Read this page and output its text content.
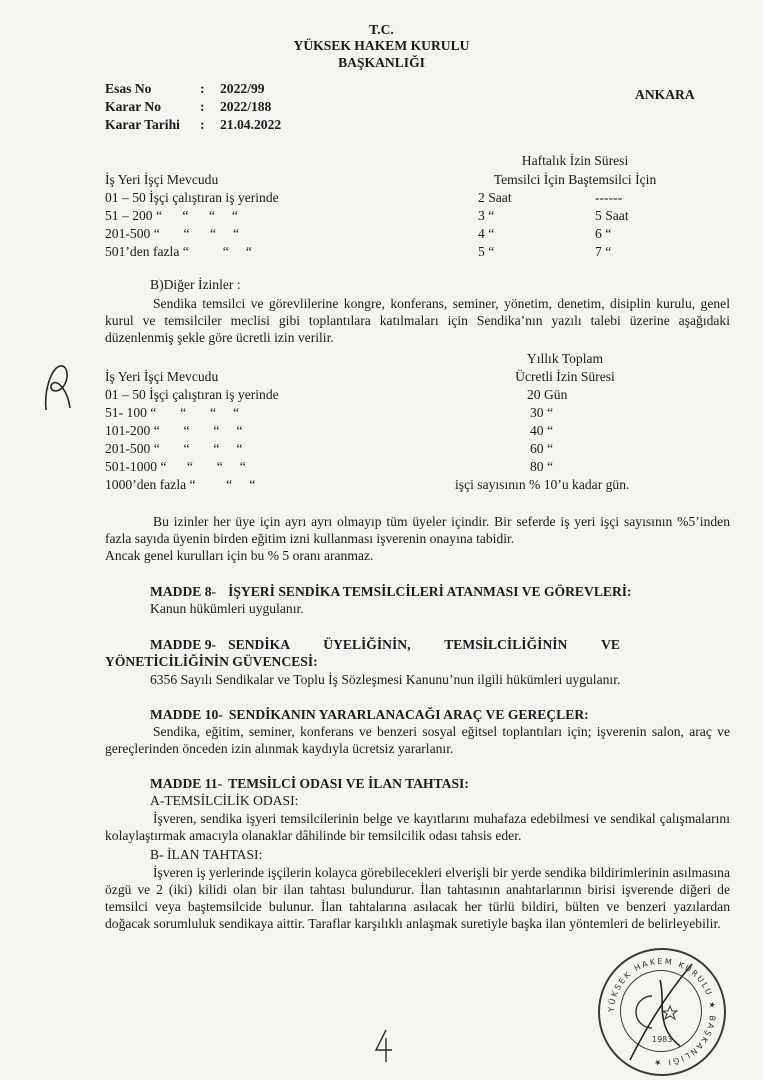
T.C.
YÜKSEK HAKEM KURULU
BAŞKANLIĞI
Esas No	: 2022/99
Karar No	: 2022/188
Karar Tarihi : 21.04.2022
ANKARA
Haftalık İzin Süresi
Temsilci İçin Baştemsilci İçin
İş Yeri İşçi Mevcudu
01 – 50 İşçi çalıştıran iş yerinde	2 Saat	------
51 – 200 “      “      “     “	3 “	5 Saat
201-500 “       “      “     “	4 “	6 “
501’den fazla “          “     “	5 “	7 “
B)Diğer İzinler :
Sendika temsilci ve görevlilerine kongre, konferans, seminer, yönetim, denetim, disiplin kurulu, genel kurul ve temsilciler meclisi gibi toplantılara katılmaları için Sendika’nın yazılı talebi üzerine aşağıdaki düzenlenmiş şekle göre ücretli izin verilir.
Yıllık Toplam
Ücretli İzin Süresi
İş Yeri İşçi Mevcudu
01 – 50 İşçi çalıştıran iş yerinde	20 Gün
51- 100 “       “       “     “	30 “
101-200 “       “       “     “	40 “
201-500 “       “       “     “	60 “
501-1000 “      “       “     “	80 “
1000’den fazla “         “     “	işçi sayısının % 10’u kadar gün.
Bu izinler her üye için ayrı ayrı olmayıp tüm üyeler içindir. Bir seferde iş yeri işçi sayısının %5’inden fazla sayıda üyenin birden eğitim izni kullanması işverenin onayına tabidir.
Ancak genel kurulları için bu % 5 oranı aranmaz.
MADDE 8- İŞYERİ SENDİKA TEMSİLCİLERİ ATANMASI VE GÖREVLERİ:
Kanun hükümleri uygulanır.
MADDE 9- SENDİKA          ÜYELİĞİNİN,          TEMSİLCİLİĞİNİN          VE
YÖNETİCİLİĞİNİN GÜVENCESİ:
6356 Sayılı Sendikalar ve Toplu İş Sözleşmesi Kanunu’nun ilgili hükümleri uygulanır.
MADDE 10- SENDİKANIN YARARLANACAĞI ARAÇ VE GEREÇLER:
Sendika, eğitim, seminer, konferans ve benzeri sosyal eğitsel toplantıları için; işverenin salon, araç ve gereçlerinden önceden izin alınmak kaydıyla ücretsiz yararlanır.
MADDE 11- TEMSİLCİ ODASI VE İLAN TAHTASI:
A-TEMSİLCİLİK ODASI:
İşveren, sendika işyeri temsilcilerinin belge ve kayıtlarını muhafaza edebilmesi ve sendikal çalışmalarını kolaylaştırmak amacıyla olanaklar dâhilinde bir temsilcilik odası tahsis eder.
B- İLAN TAHTASI:
İşveren iş yerlerinde işçilerin kolayca görebilecekleri elverişli bir yerde sendika bildirimlerinin asılmasına özgü ve 2 (iki) kilidi olan bir ilan tahtası bulundurur. İlan tahtasının anahtarlarının birisi işverende diğeri de temsilci veya baştemsilcide bulunur. İlan tahtalarına asılacak her türlü bildiri, bülten ve benzeri yazılardan doğacak sorumluluk sendikaya aittir. Taraflar karşılıklı anlaşmak suretiyle başka ilan yöntemleri de belirleyebilir.
YÜKSEK HAKEM KURULU ★ BAŞKANLIĞI ★
1983
